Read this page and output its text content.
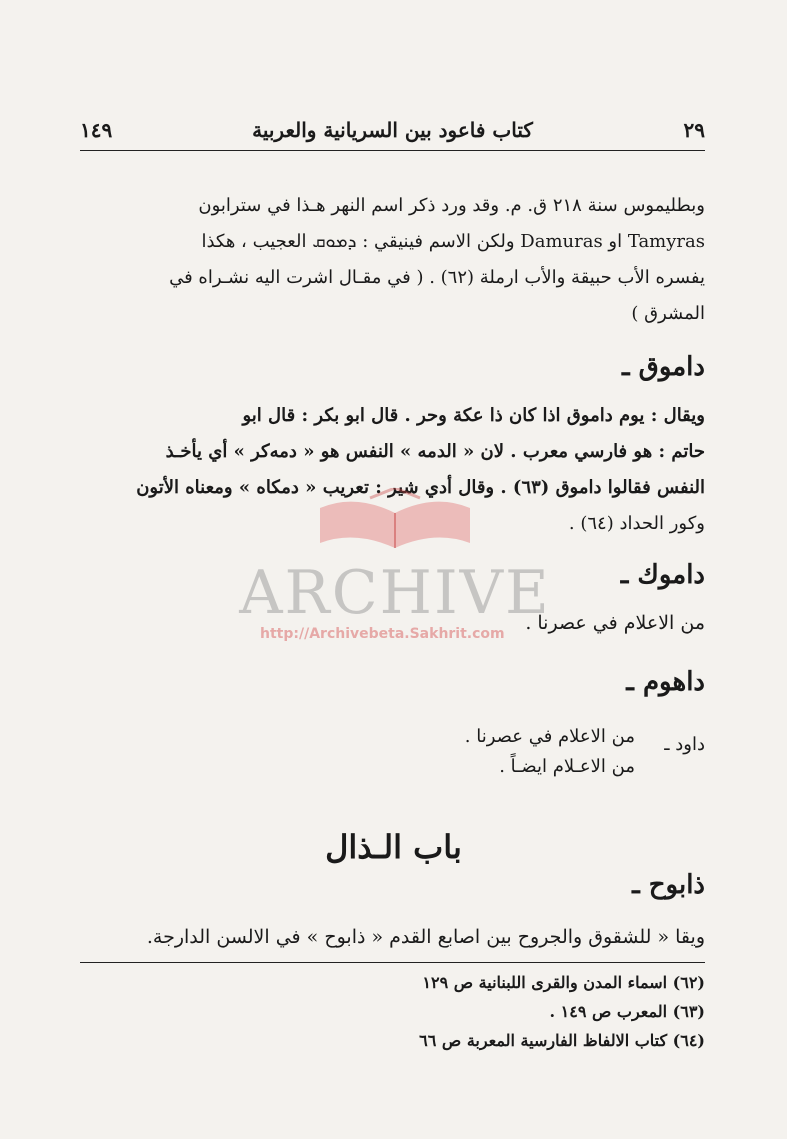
٢٩
كتاب فاعود بين السريانية والعربية
١٤٩
وبطليموس سنة ٢١٨ ق. م. وقد ورد ذكر اسم النهر هـذا في سترابون
Tamyras او Damuras ولكن الاسم فينيقي : ܕܡܘܩ العجيب ، هكذا
يفسره الأب حبيقة والأب ارملة (٦٢) . ( في مقـال اشرت اليه نشـراه في
المشرق )
داموق ـ
ويقال : يوم داموق اذا كان ذا عكة وحر . قال ابو بكر : قال ابو
حاتم : هو فارسي معرب . لان « الدمه » النفس هو « دمه‌كر » أي يأخـذ
النفس فقالوا داموق (٦٣) . وقال أدي شير : تعريب « دمكاه » ومعناه الأتون
وكور الحداد (٦٤) .
ARCHIVE
http://Archivebeta.Sakhrit.com
داموك ـ
من الاعلام في عصرنا .
داهوم ـ
داود ـ
من الاعلام في عصرنا .
من الاعـلام ايضـاً .
باب الـذال
ذابوح ـ
ويقا « للشقوق والجروح بين اصابع القدم « ذابوح » في الالسن الدارجة.
(٦٢) اسماء المدن والقرى اللبنانية ص ١٢٩
(٦٣) المعرب ص ١٤٩ .
(٦٤) كتاب الالفاظ الفارسية المعربة ص ٦٦
